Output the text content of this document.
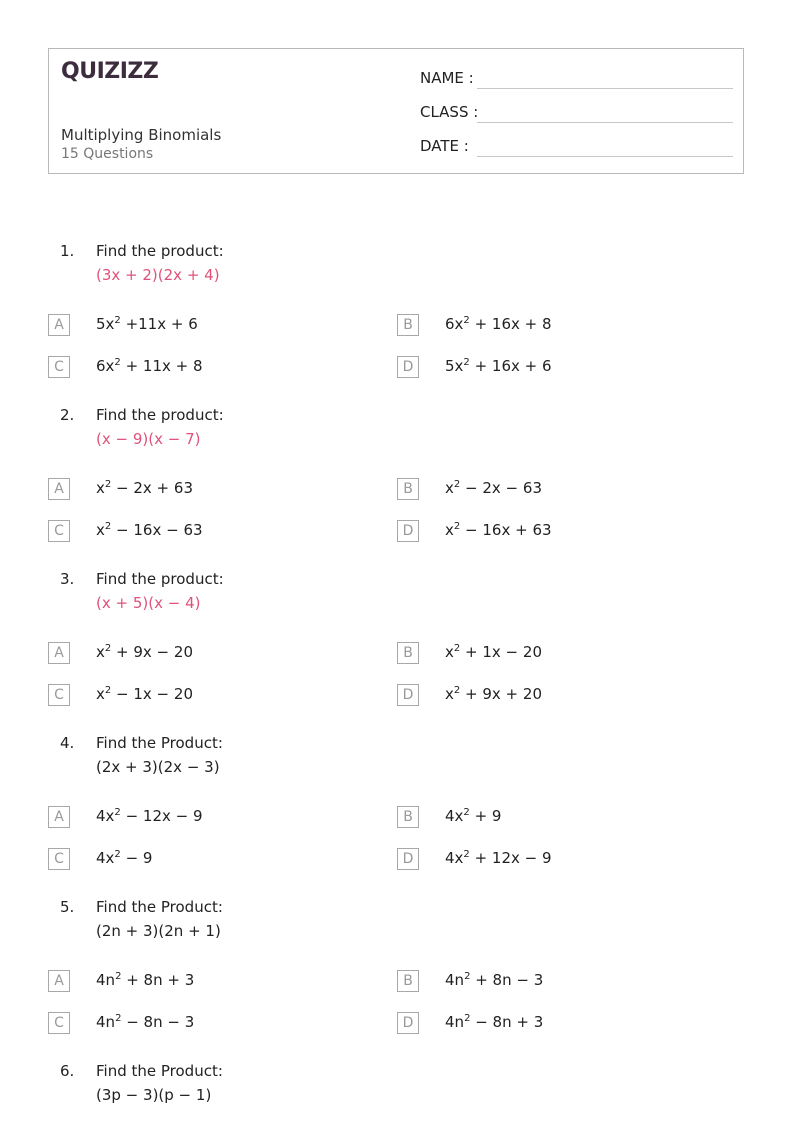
QUIZIZZ
Multiplying Binomials
15 Questions
NAME :
CLASS :
DATE :
1. Find the product:
(3x + 2)(2x + 4)
A	$5x^2 +11x + 6$	B	$6x^2 + 16x + 8$
C	$6x^2 + 11x + 8$	D	$5x^2 + 16x + 6$
2. Find the product:
(x − 9)(x − 7)
A	$x^2 - 2x + 63$	B	$x^2 - 2x - 63$
C	$x^2 - 16x - 63$	D	$x^2 - 16x + 63$
3. Find the product:
(x + 5)(x − 4)
A	$x^2 + 9x - 20$	B	$x^2 + 1x - 20$
C	$x^2 - 1x - 20$	D	$x^2 + 9x + 20$
4. Find the Product:
(2x + 3)(2x − 3)
A	$4x^2 - 12x - 9$	B	$4x^2 + 9$
C	$4x^2 - 9$	D	$4x^2 + 12x - 9$
5. Find the Product:
(2n + 3)(2n + 1)
A	$4n^2 + 8n + 3$	B	$4n^2 + 8n - 3$
C	$4n^2 - 8n - 3$	D	$4n^2 - 8n + 3$
6. Find the Product:
(3p − 3)(p − 1)
